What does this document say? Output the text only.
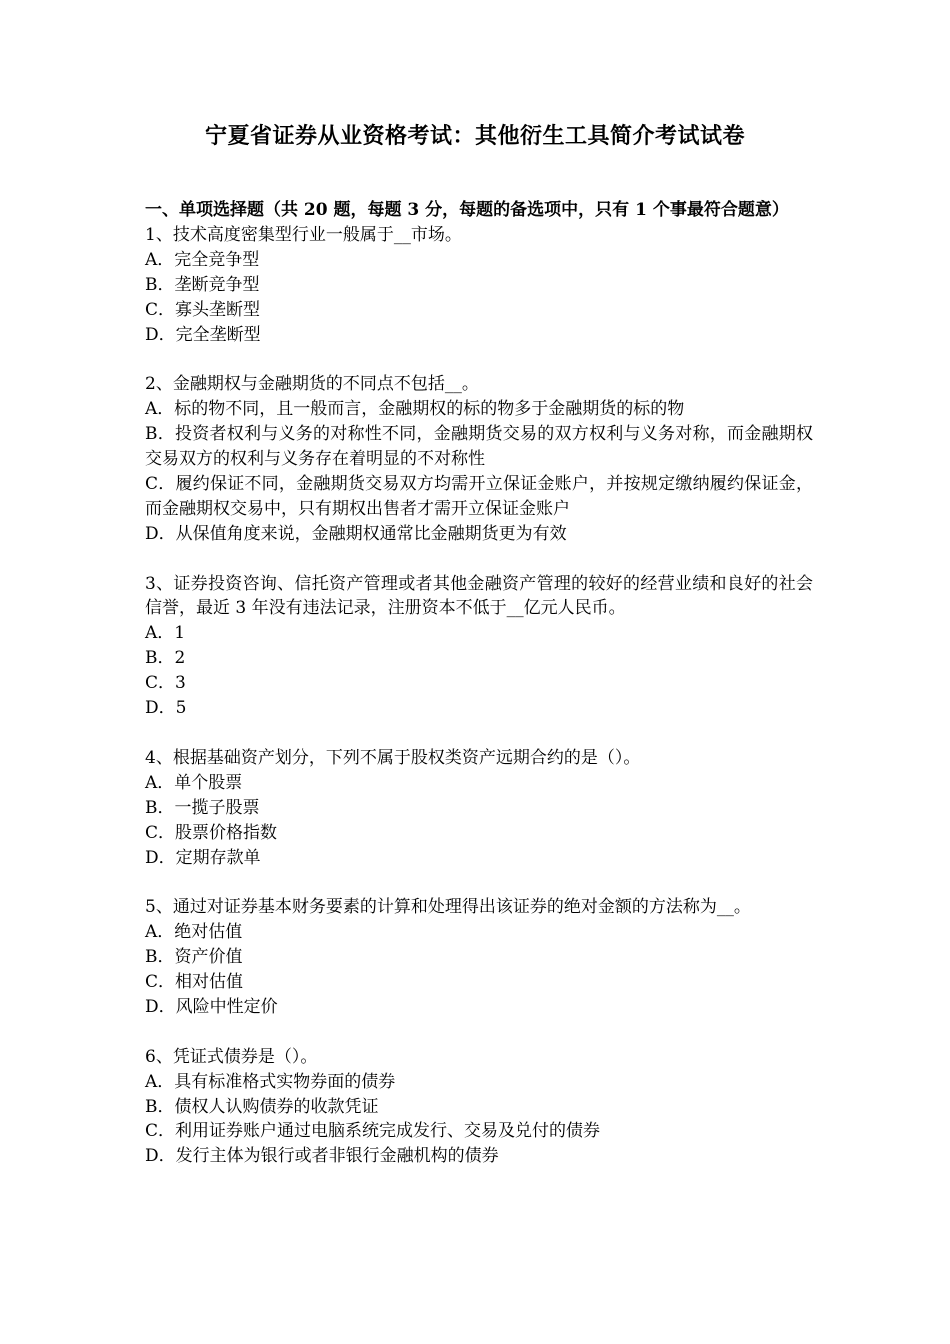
宁夏省证券从业资格考试：其他衍生工具简介考试试卷

一、单项选择题（共 20 题，每题 3 分，每题的备选项中，只有 1 个事最符合题意）

1、技术高度密集型行业一般属于__市场。

A．完全竞争型

B．垄断竞争型

C．寡头垄断型

D．完全垄断型

2、金融期权与金融期货的不同点不包括__。

A．标的物不同，且一般而言，金融期权的标的物多于金融期货的标的物

B．投资者权利与义务的对称性不同，金融期货交易的双方权利与义务对称，而金融期权交易双方的权利与义务存在着明显的不对称性

C．履约保证不同，金融期货交易双方均需开立保证金账户，并按规定缴纳履约保证金，而金融期权交易中，只有期权出售者才需开立保证金账户

D．从保值角度来说，金融期权通常比金融期货更为有效

3、证券投资咨询、信托资产管理或者其他金融资产管理的较好的经营业绩和良好的社会信誉，最近 3 年没有违法记录，注册资本不低于__亿元人民币。

A．1

B．2

C．3

D．5

4、根据基础资产划分，下列不属于股权类资产远期合约的是（）。

A．单个股票

B．一揽子股票

C．股票价格指数

D．定期存款单

5、通过对证券基本财务要素的计算和处理得出该证券的绝对金额的方法称为__。

A．绝对估值

B．资产价值

C．相对估值

D．风险中性定价

6、凭证式债券是（）。

A．具有标准格式实物券面的债券

B．债权人认购债券的收款凭证

C．利用证券账户通过电脑系统完成发行、交易及兑付的债券

D．发行主体为银行或者非银行金融机构的债券
